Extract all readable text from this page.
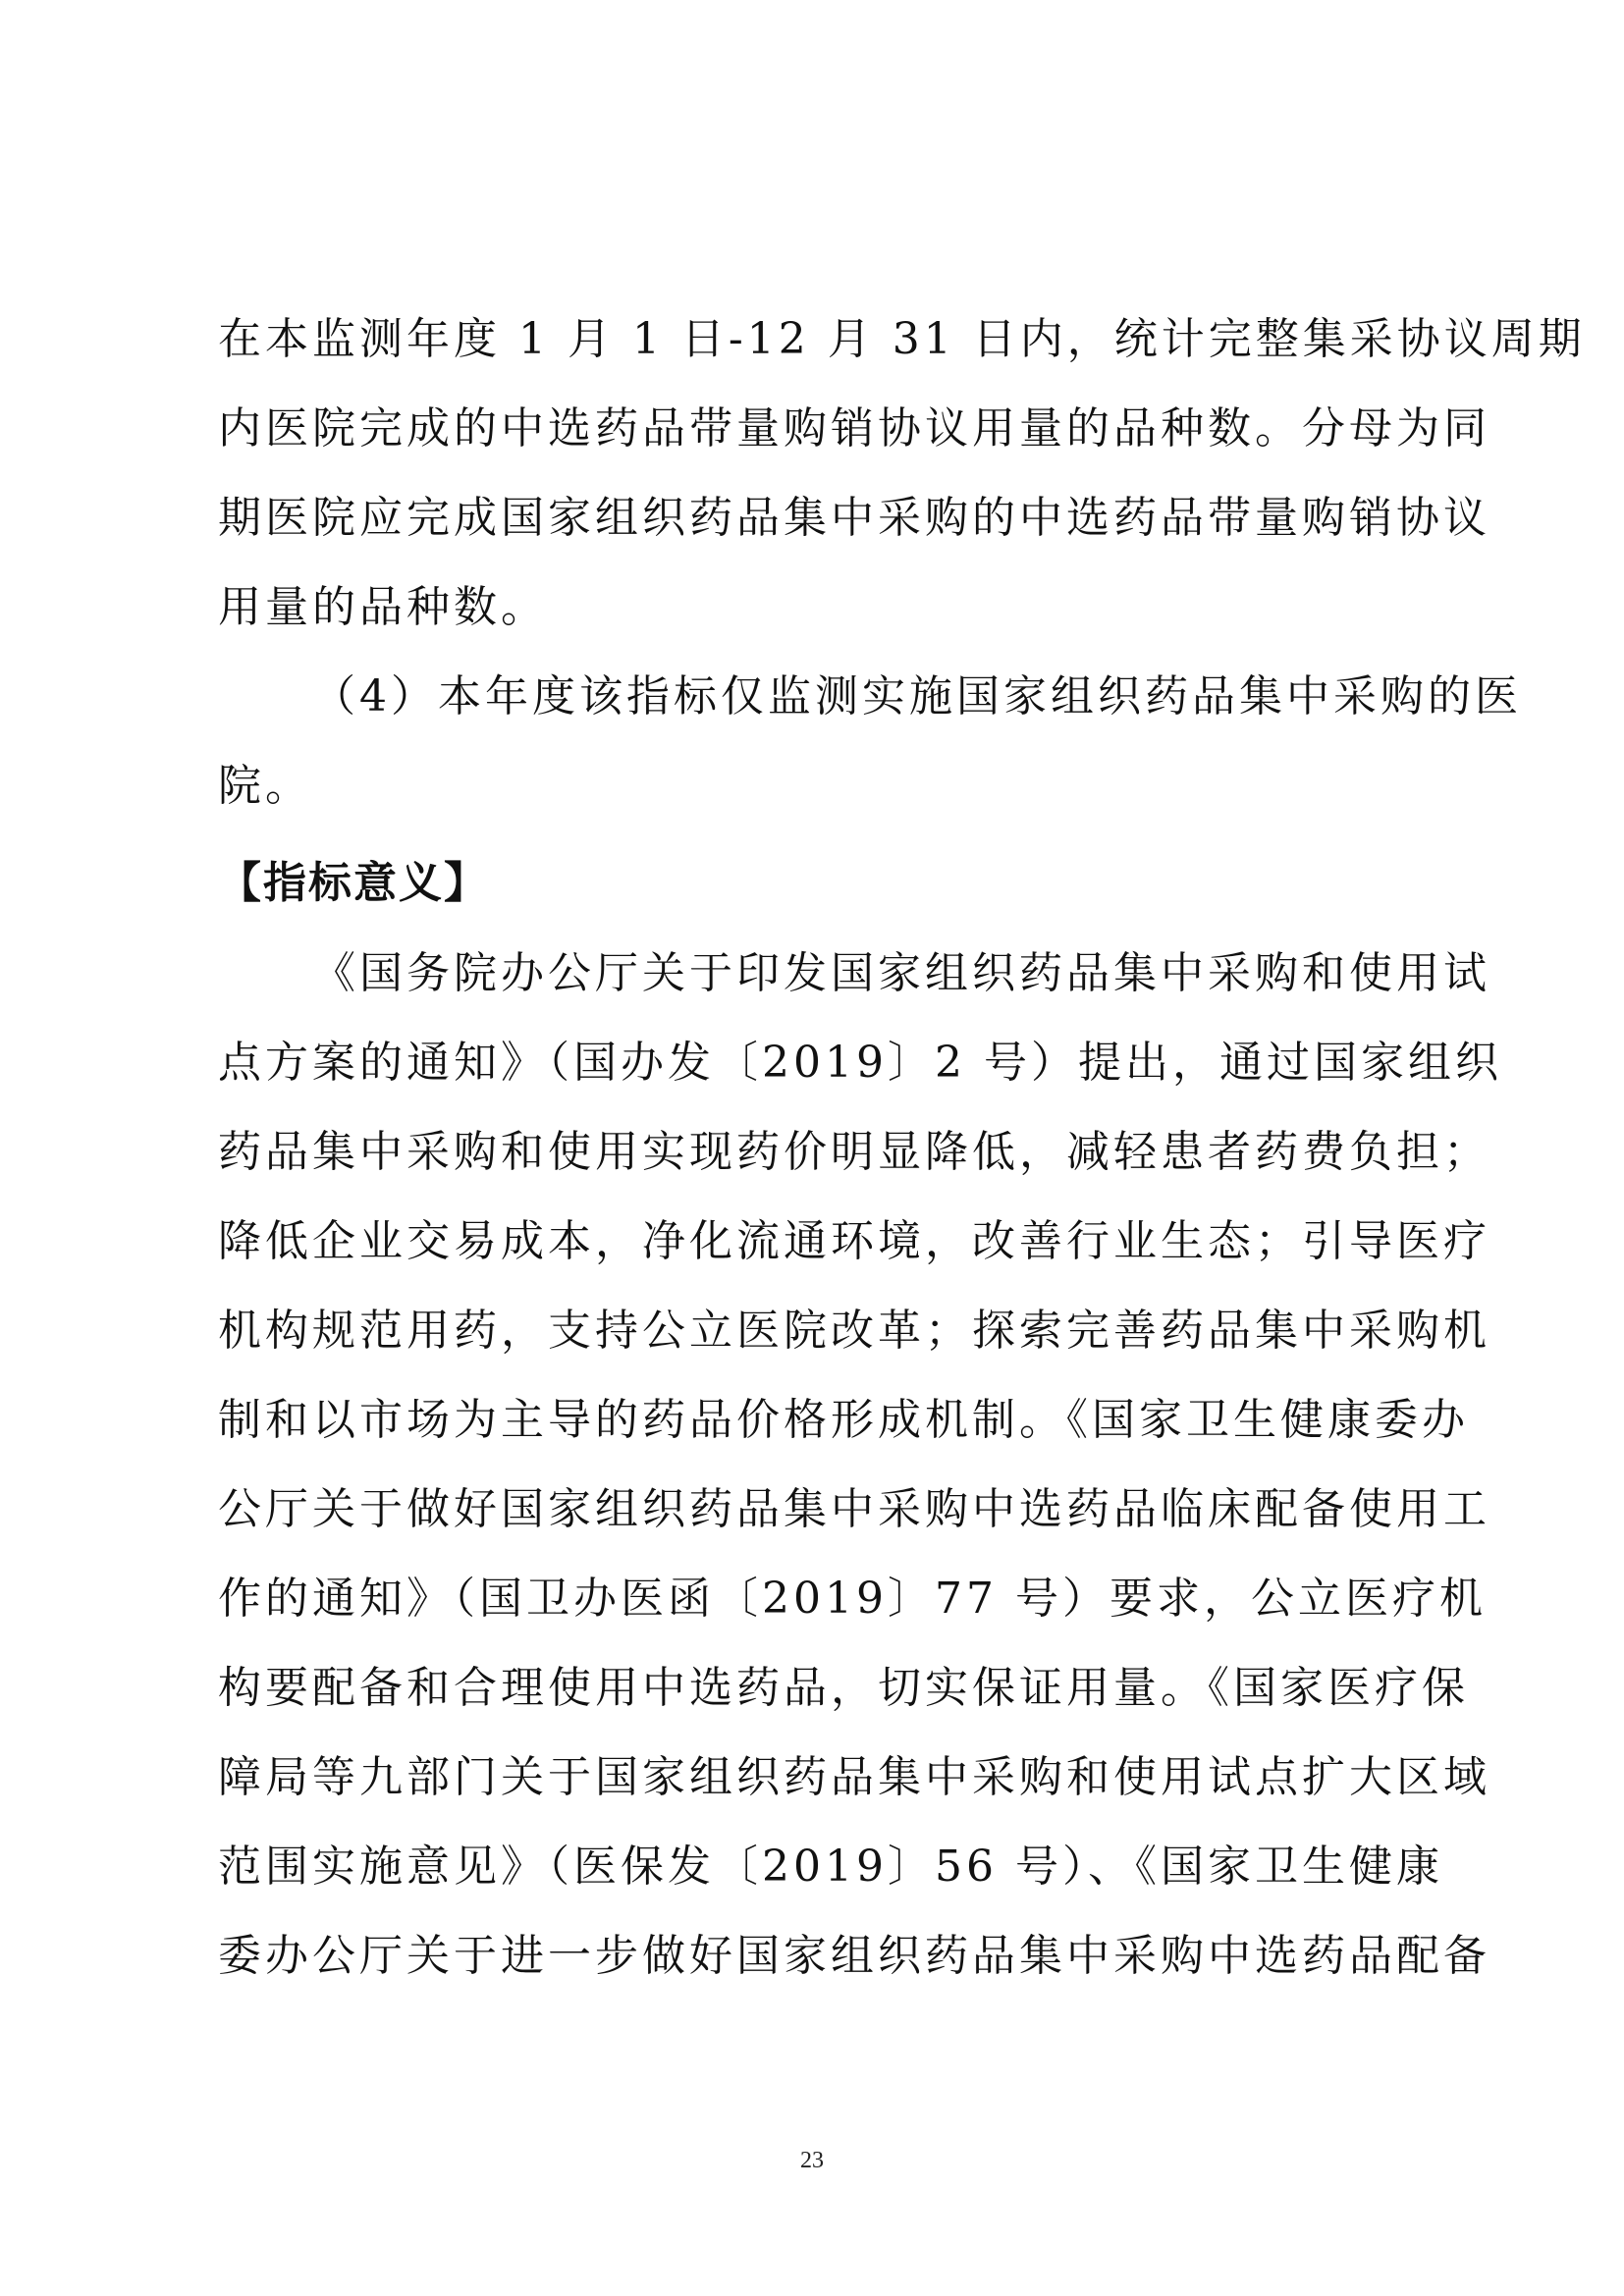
在本监测年度 1 月 1 日-12 月 31 日内，统计完整集采协议周期
内医院完成的中选药品带量购销协议用量的品种数。分母为同
期医院应完成国家组织药品集中采购的中选药品带量购销协议
用量的品种数。
（4）本年度该指标仅监测实施国家组织药品集中采购的医
院。
【指标意义】
《国务院办公厅关于印发国家组织药品集中采购和使用试
点方案的通知》（国办发〔2019〕2 号）提出，通过国家组织
药品集中采购和使用实现药价明显降低，减轻患者药费负担；
降低企业交易成本，净化流通环境，改善行业生态；引导医疗
机构规范用药，支持公立医院改革；探索完善药品集中采购机
制和以市场为主导的药品价格形成机制。《国家卫生健康委办
公厅关于做好国家组织药品集中采购中选药品临床配备使用工
作的通知》（国卫办医函〔2019〕77 号）要求，公立医疗机
构要配备和合理使用中选药品，切实保证用量。《国家医疗保
障局等九部门关于国家组织药品集中采购和使用试点扩大区域
范围实施意见》（医保发〔2019〕56 号）、《国家卫生健康
委办公厅关于进一步做好国家组织药品集中采购中选药品配备
23
